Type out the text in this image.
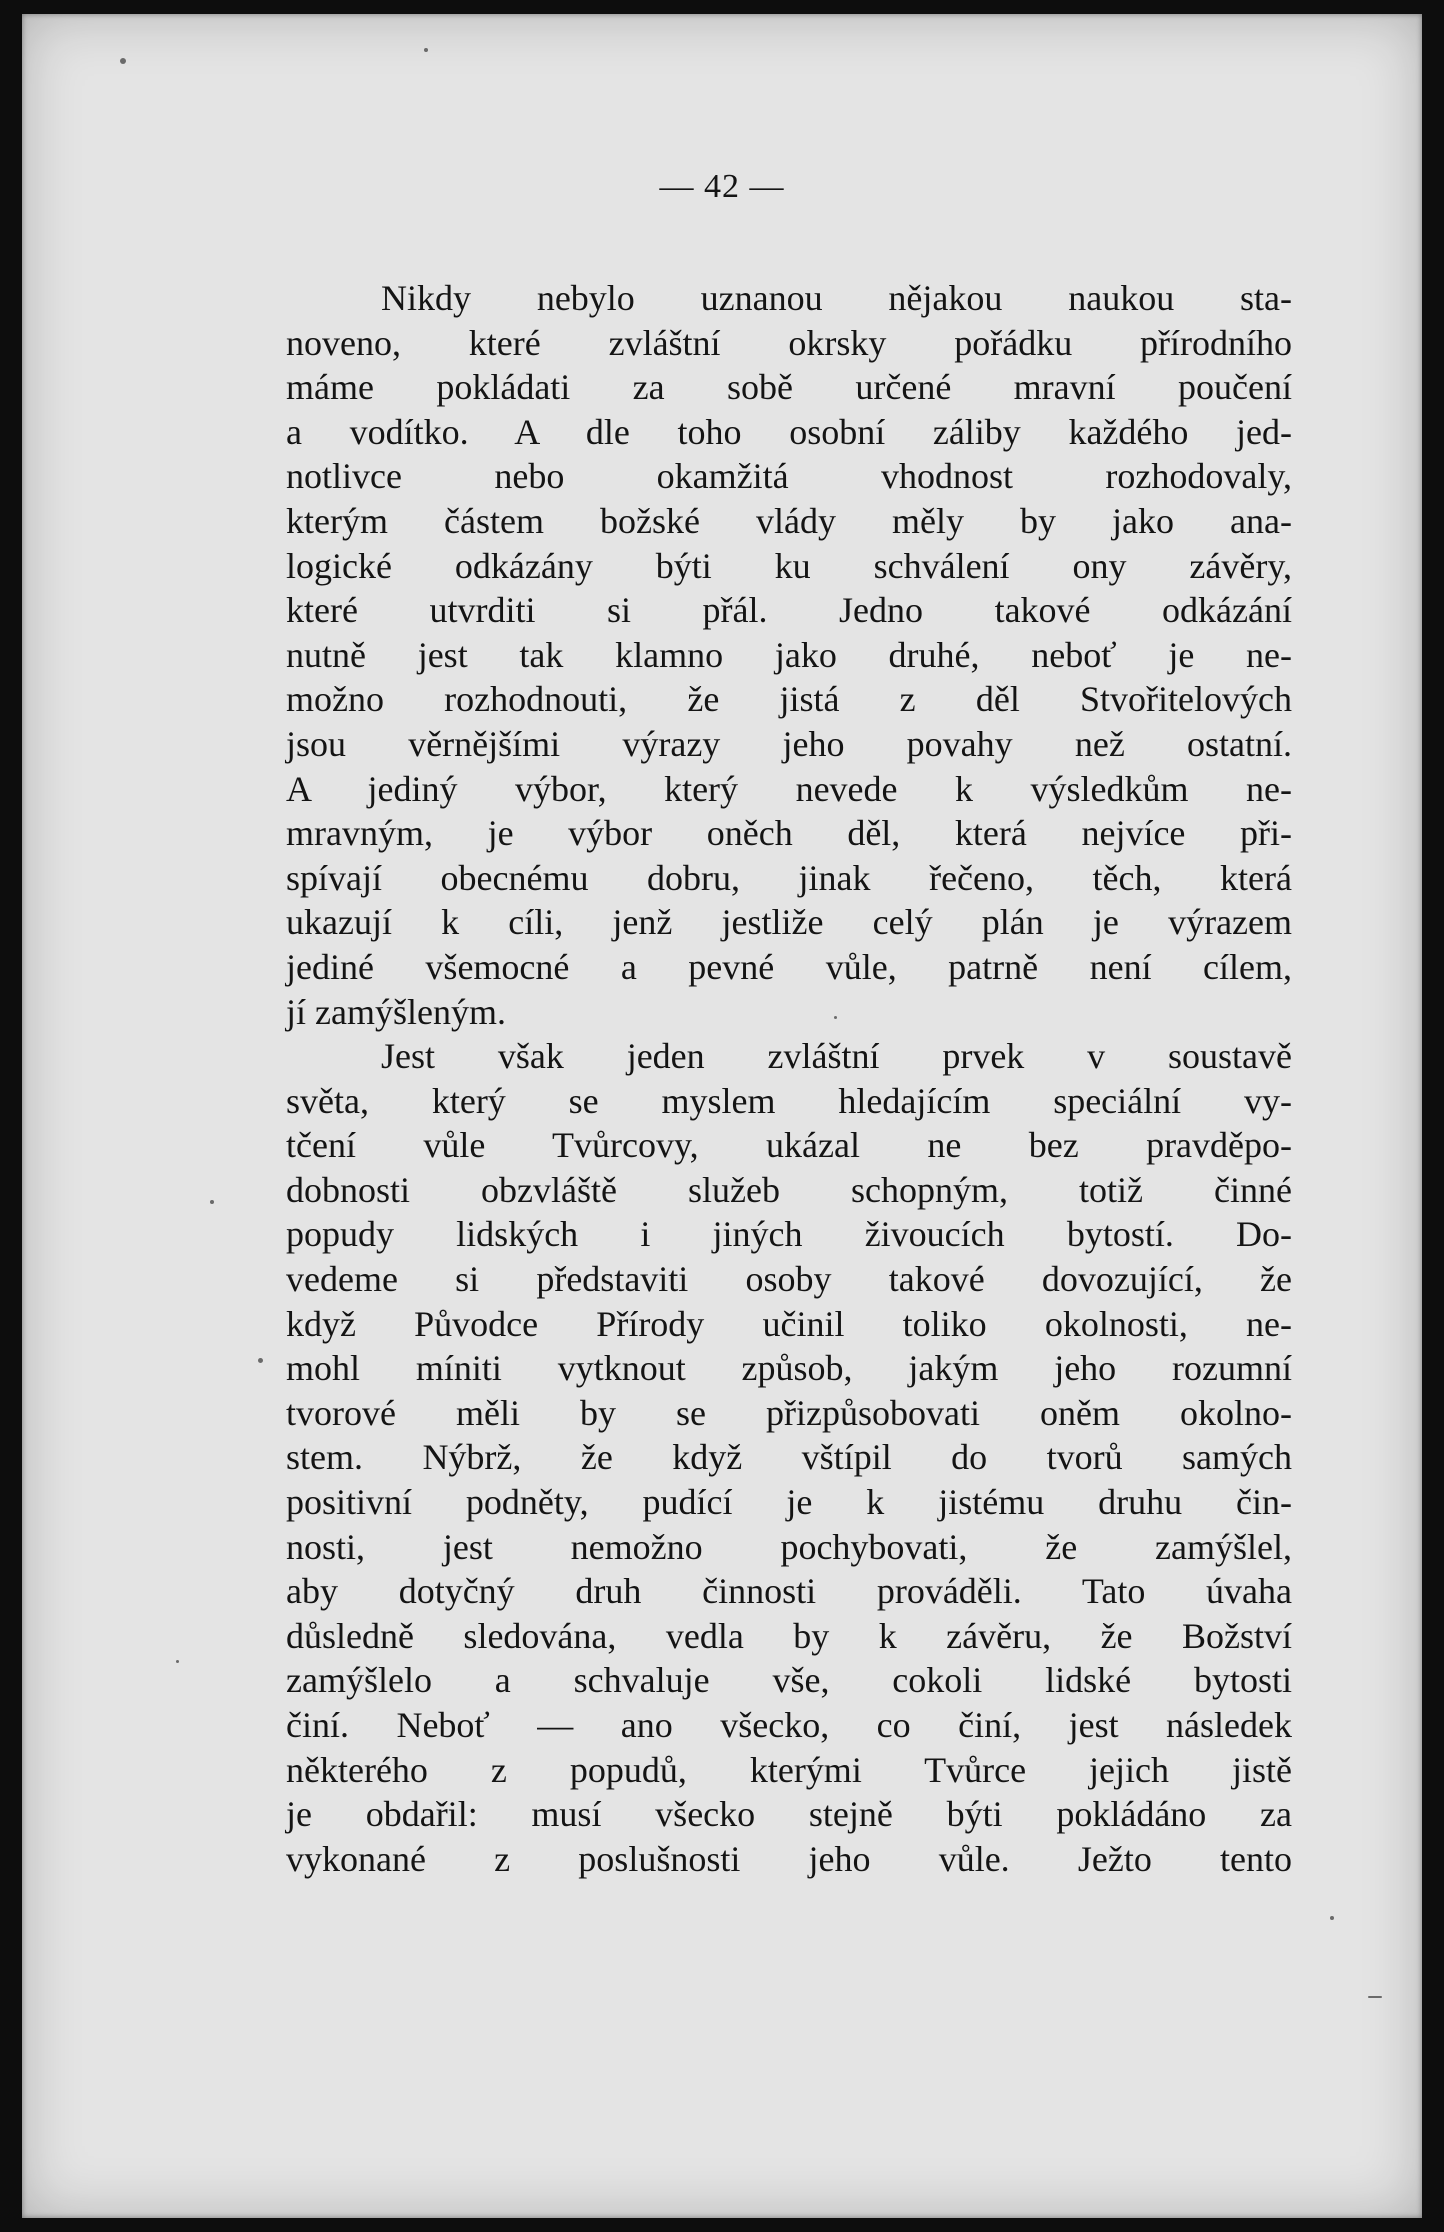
— 42 —
Nikdy nebylo uznanou nějakou naukou sta-
noveno, které zvláštní okrsky pořádku přírodního
máme pokládati za sobě určené mravní poučení
a vodítko. A dle toho osobní záliby každého jed-
notlivce nebo okamžitá vhodnost rozhodovaly,
kterým částem božské vlády měly by jako ana-
logické odkázány býti ku schválení ony závěry,
které utvrditi si přál. Jedno takové odkázání
nutně jest tak klamno jako druhé, neboť je ne-
možno rozhodnouti, že jistá z děl Stvořitelových
jsou věrnějšími výrazy jeho povahy než ostatní.
A jediný výbor, který nevede k výsledkům ne-
mravným, je výbor oněch děl, která nejvíce při-
spívají obecnému dobru, jinak řečeno, těch, která
ukazují k cíli, jenž jestliže celý plán je výrazem
jediné všemocné a pevné vůle, patrně není cílem,
jí zamýšleným.
Jest však jeden zvláštní prvek v soustavě
světa, který se myslem hledajícím speciální vy-
tčení vůle Tvůrcovy, ukázal ne bez pravděpo-
dobnosti obzvláště služeb schopným, totiž činné
popudy lidských i jiných živoucích bytostí. Do-
vedeme si představiti osoby takové dovozující, že
když Původce Přírody učinil toliko okolnosti, ne-
mohl míniti vytknout způsob, jakým jeho rozumní
tvorové měli by se přizpůsobovati oněm okolno-
stem. Nýbrž, že když vštípil do tvorů samých
positivní podněty, pudící je k jistému druhu čin-
nosti, jest nemožno pochybovati, že zamýšlel,
aby dotyčný druh činnosti prováděli. Tato úvaha
důsledně sledována, vedla by k závěru, že Božství
zamýšlelo a schvaluje vše, cokoli lidské bytosti
činí. Neboť — ano všecko, co činí, jest následek
některého z popudů, kterými Tvůrce jejich jistě
je obdařil: musí všecko stejně býti pokládáno za
vykonané z poslušnosti jeho vůle. Ježto tento
